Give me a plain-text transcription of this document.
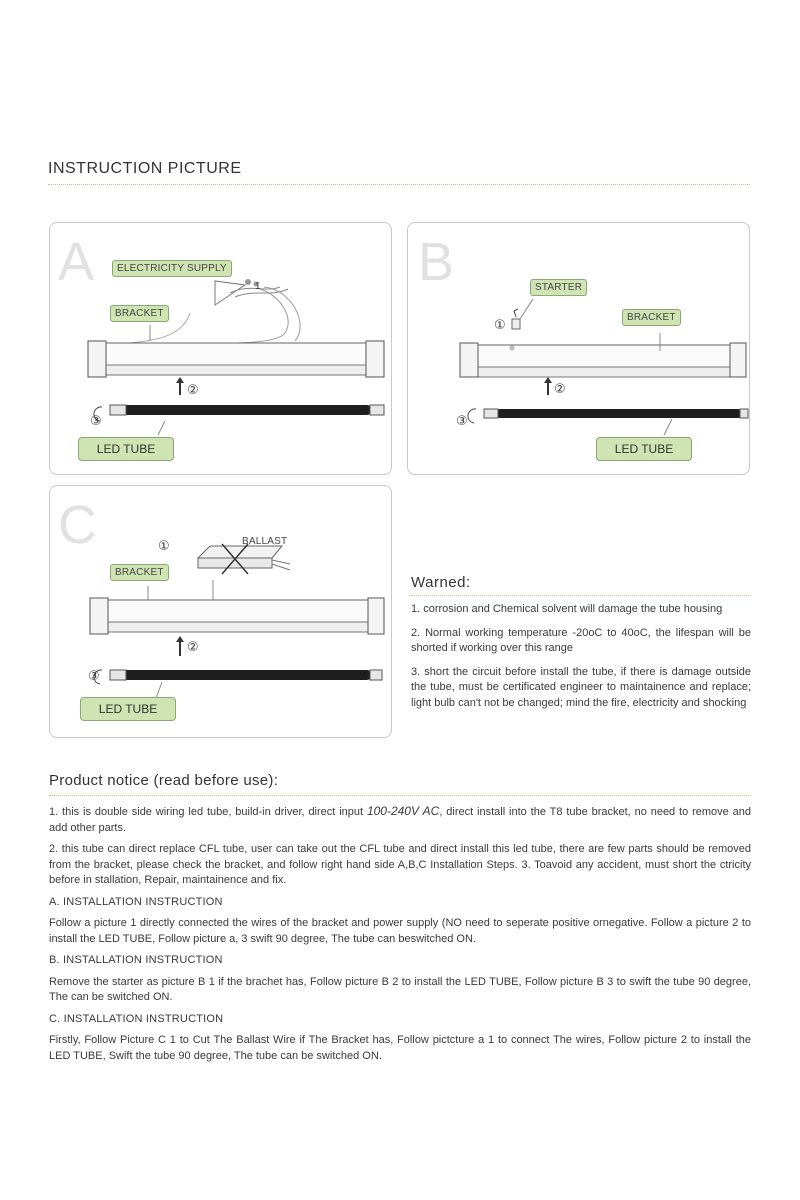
INSTRUCTION PICTURE
A	ELECTRICITY SUPPLY
BRACKET
1
②
③
LED TUBE
B	STARTER
BRACKET
①
②
③
LED TUBE
C	BALLAST
BRACKET
①
②
③
LED TUBE
Warned:

1. corrosion and Chemical solvent will damage the tube housing

2. Normal working temperature -20oC to 40oC, the lifespan will be shorted if working over this range

3. short the circuit before install the tube, if there is damage outside the tube, must be certificated engineer to maintainence and replace; light bulb can't not be changed; mind the fire, electricity and shocking

Product notice (read before use):

1. this is double side wiring led tube, build-in driver, direct input 100-240V AC, direct install into the T8 tube bracket, no need to remove and add other parts.

2. this tube can direct replace CFL tube, user can take out the CFL tube and direct install this led tube, there are few parts should be removed from the bracket, please check the bracket, and follow right hand side A,B,C Installation Steps. 3. Toavoid any accident, must short the ctricity before in stallation, Repair, maintainence and fix.

A. INSTALLATION INSTRUCTION

Follow a picture 1 directly connected the wires of the bracket and power supply (NO need to seperate positive ornegative. Follow a picture 2 to install the LED TUBE, Follow picture a, 3 swift 90 degree, The tube can beswitched ON.

B. INSTALLATION INSTRUCTION

Remove the starter as picture B 1 if the brachet has, Follow picture B 2 to install the LED TUBE, Follow picture B 3 to swift the tube 90 degree, The can be switched ON.

C. INSTALLATION INSTRUCTION

Firstly, Follow Picture C 1 to Cut The Ballast Wire if The Bracket has, Follow pictcture a 1 to connect The wires, Follow picture 2 to install the LED TUBE, Swift the tube 90 degree, The tube can be switched ON.
